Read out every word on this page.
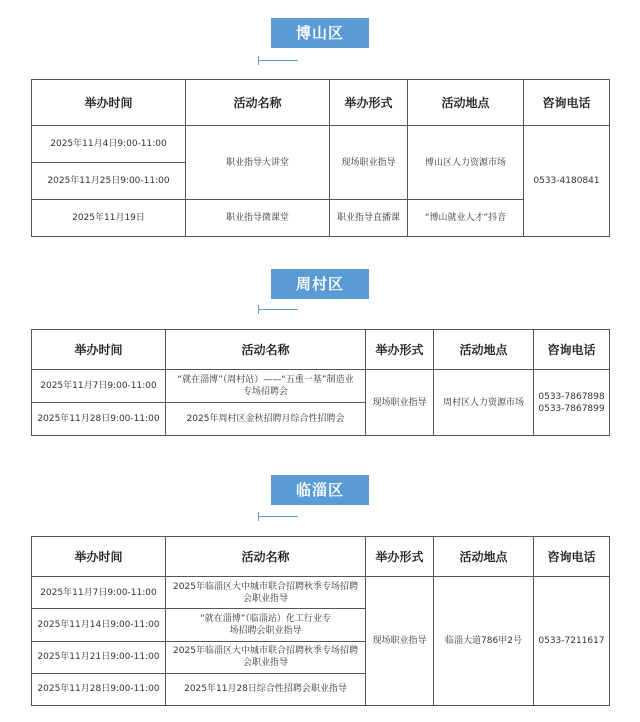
博山区
举办时间	活动名称	举办形式	活动地点	咨询电话
2025年11月4日9:00-11:00	职业指导大讲堂	现场职业指导	博山区人力资源市场	0533-4180841
2025年11月25日9:00-11:00				
2025年11月19日	职业指导微课堂	职业指导直播课	“博山就业人才”抖音	
周村区
举办时间	活动名称	举办形式	活动地点	咨询电话
2025年11月7日9:00-11:00	“就在淄博”（周村站）——“五重一基”制造业专场招聘会	现场职业指导	周村区人力资源市场	0533-7867898
0533-7867899

2025年11月28日9:00-11:00	2025年周村区金秋招聘月综合性招聘会			
临淄区
举办时间	活动名称	举办形式	活动地点	咨询电话
2025年11月7日9:00-11:00	2025年临淄区大中城市联合招聘秋季专场招聘会职业指导	现场职业指导	临淄大道786甲2号	0533-7211617
2025年11月14日9:00-11:00	“就在淄博”（临淄站）化工行业专场招聘会职业指导			
2025年11月21日9:00-11:00	2025年临淄区大中城市联合招聘秋季专场招聘会职业指导			
2025年11月28日9:00-11:00	2025年11月28日综合性招聘会职业指导			
